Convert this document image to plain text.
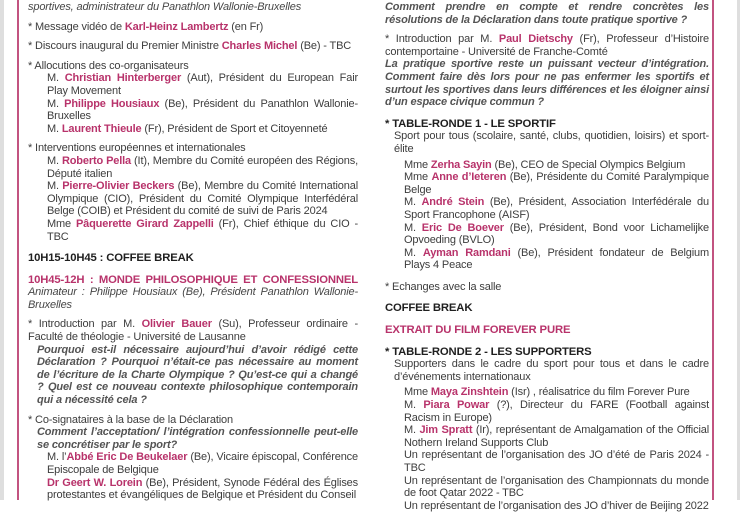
sportives, administrateur du Panathlon Wallonie-Bruxelles
* Message vidéo de Karl-Heinz Lambertz (en Fr)
* Discours inaugural du Premier Ministre Charles Michel (Be) - TBC
* Allocutions des co-organisateurs
M. Christian Hinterberger (Aut), Président du European Fair Play Movement
M. Philippe Housiaux (Be), Président du Panathlon Wallonie-Bruxelles
M. Laurent Thieule (Fr), Président de Sport et Citoyenneté
* Interventions européennes et internationales
M. Roberto Pella (It), Membre du Comité européen des Régions, Député italien
M. Pierre-Olivier Beckers (Be), Membre du Comité International Olympique (CIO), Président du Comité Olympique Interfédéral Belge (COIB) et Président du comité de suivi de Paris 2024
Mme Pâquerette Girard Zappelli (Fr), Chief éthique du CIO - TBC
10H15-10H45 : COFFEE BREAK
10H45-12H : MONDE PHILOSOPHIQUE ET CONFESSIONNEL
Animateur : Philippe Housiaux (Be), Président Panathlon Wallonie-Bruxelles
* Introduction par M. Olivier Bauer (Su), Professeur ordinaire - Faculté de théologie - Université de Lausanne
Pourquoi est-il nécessaire aujourd’hui d’avoir rédigé cette Déclaration ? Pourquoi n’était-ce pas nécessaire au moment de l’écriture de la Charte Olympique ? Qu’est-ce qui a changé ? Quel est ce nouveau contexte philosophique contemporain qui a nécessité cela ?
* Co-signataires à la base de la Déclaration
Comment l’acceptation/ l’intégration confessionnelle peut-elle se concrétiser par le sport?
M. l’Abbé Eric De Beukelaer (Be), Vicaire épiscopal, Conférence Episcopale de Belgique
Dr Geert W. Lorein (Be), Président, Synode Fédéral des Églises protestantes et évangéliques de Belgique et Président du Conseil
Comment prendre en compte et rendre concrètes les résolutions de la Déclaration dans toute pratique sportive ?
* Introduction par M. Paul Dietschy (Fr), Professeur d’Histoire contemportaine - Université de Franche-Comté
La pratique sportive reste un puissant vecteur d’intégration. Comment faire dès lors pour ne pas enfermer les sportifs et surtout les sportives dans leurs différences et les éloigner ainsi d’un espace civique commun ?
* TABLE-RONDE 1 - LE SPORTIF
Sport pour tous (scolaire, santé, clubs, quotidien, loisirs) et sport-élite
Mme Zerha Sayin (Be), CEO de Special Olympics Belgium
Mme Anne d’Ieteren (Be), Présidente du Comité Paralympique Belge
M. André Stein (Be), Président, Association Interfédérale du Sport Francophone (AISF)
M. Eric De Boever (Be), Président, Bond voor Lichamelijke Opvoeding (BVLO)
M. Ayman Ramdani (Be), Président fondateur de Belgium Plays 4 Peace
* Echanges avec la salle
COFFEE BREAK
EXTRAIT DU FILM FOREVER PURE
* TABLE-RONDE 2 - LES SUPPORTERS
Supporters dans le cadre du sport pour tous et dans le cadre d’événements internationaux
Mme Maya Zinshtein (Isr) , réalisatrice du film Forever Pure
M. Piara Powar (?), Directeur du FARE (Football against Racism in Europe)
M. Jim Spratt (Ir), représentant de Amalgamation of the Official Nothern Ireland Supports Club
Un représentant de l’organisation des JO d’été de Paris 2024 - TBC
Un représentant de l’organisation des Championnats du monde de foot Qatar 2022 - TBC
Un représentant de l’organisation des JO d’hiver de Beijing 2022
